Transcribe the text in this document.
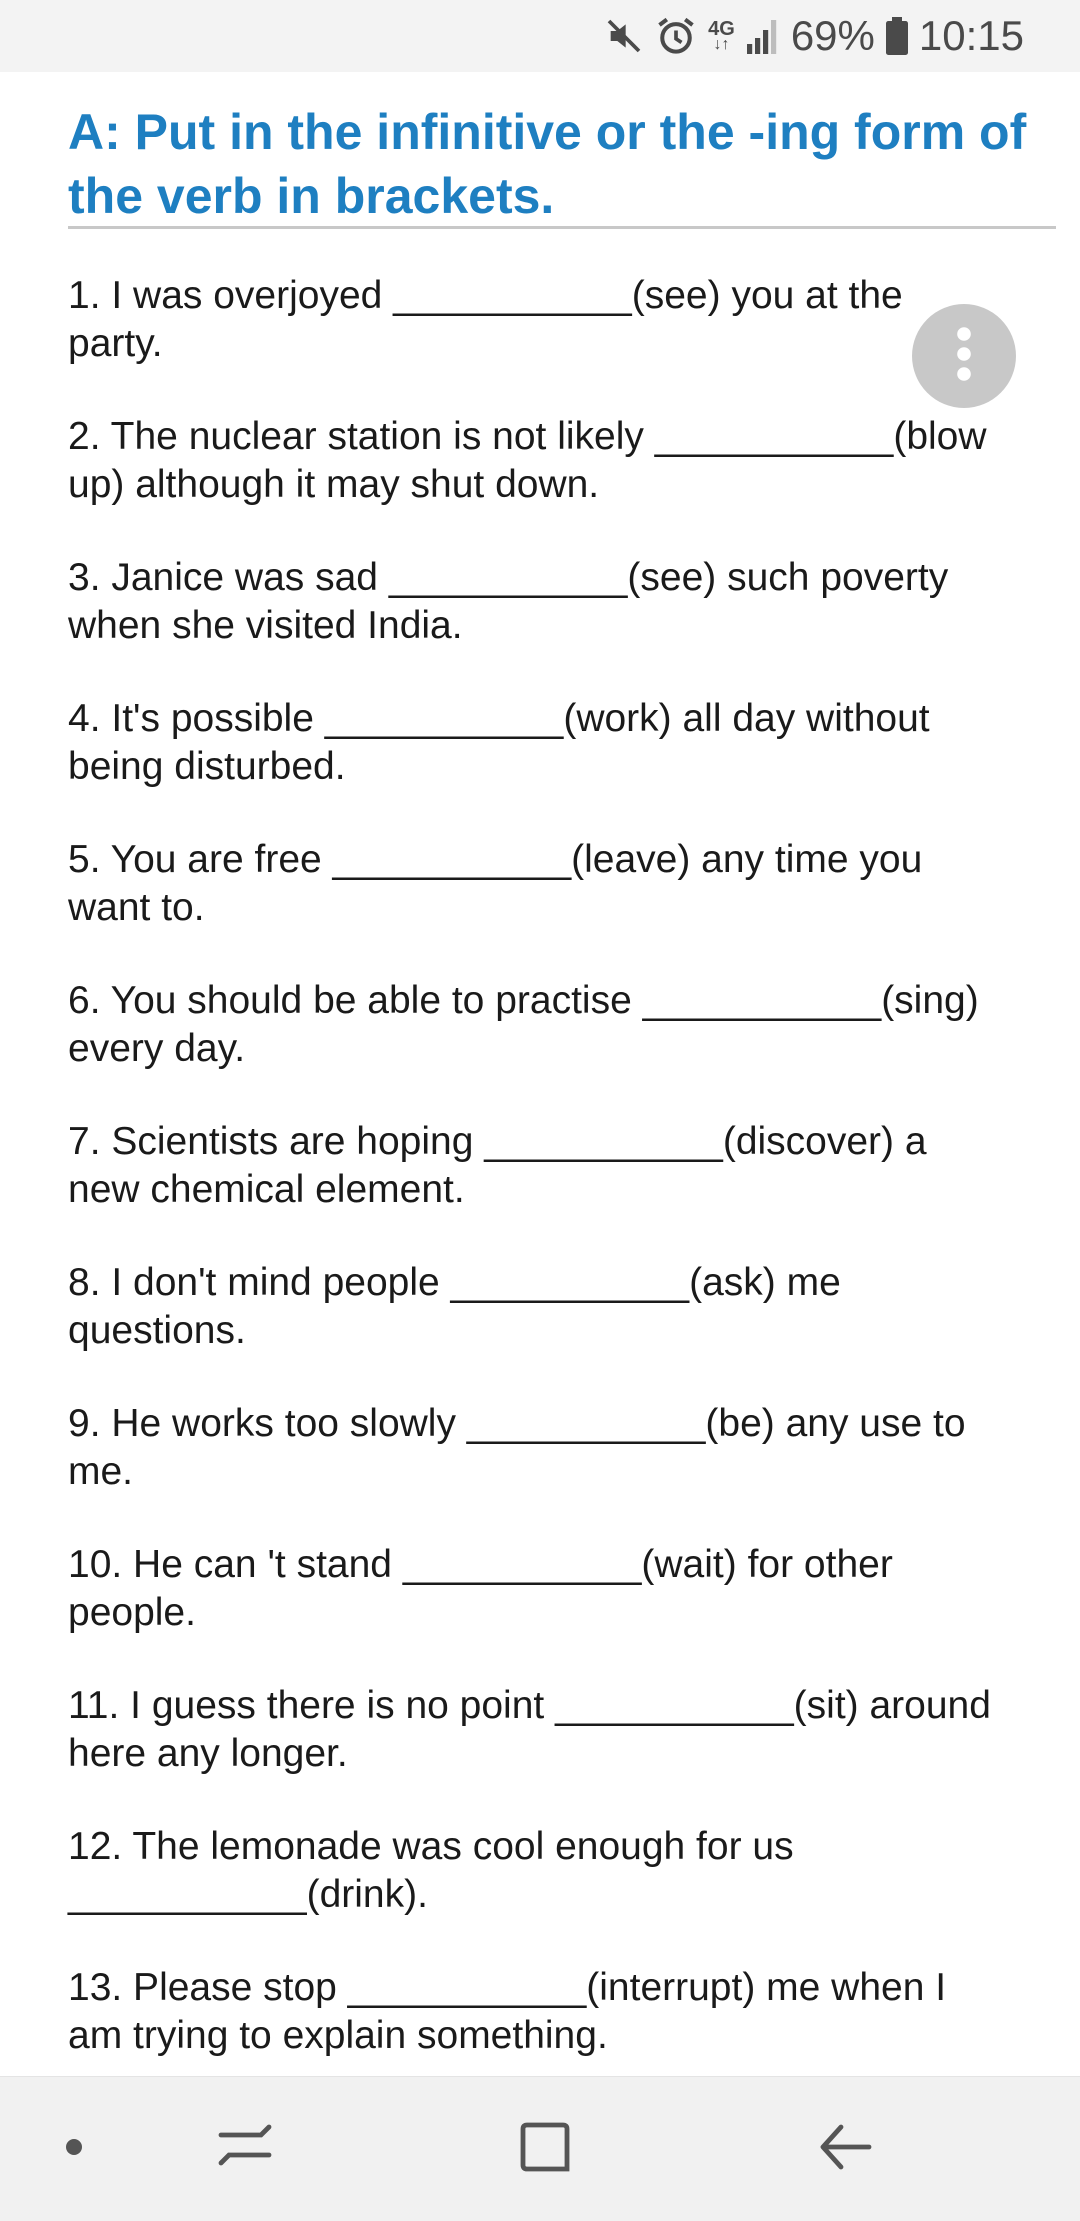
4G
↓↑ 69% 10:15
A: Put in the infinitive or the -ing form of the verb in brackets.
1. I was overjoyed ___________(see) you at the party.
2. The nuclear station is not likely ___________(blow up) although it may shut down.
3. Janice was sad ___________(see) such poverty when she visited India.
4. It's possible ___________(work) all day without being disturbed.
5. You are free ___________(leave) any time you want to.
6. You should be able to practise ___________(sing) every day.
7. Scientists are hoping ___________(discover) a new chemical element.
8. I don't mind people ___________(ask) me questions.
9. He works too slowly ___________(be) any use to me.
10. He can 't stand ___________(wait) for other people.
11. I guess there is no point ___________(sit) around here any longer.
12. The lemonade was cool enough for us ___________(drink).
13. Please stop ___________(interrupt) me when I am trying to explain something.
